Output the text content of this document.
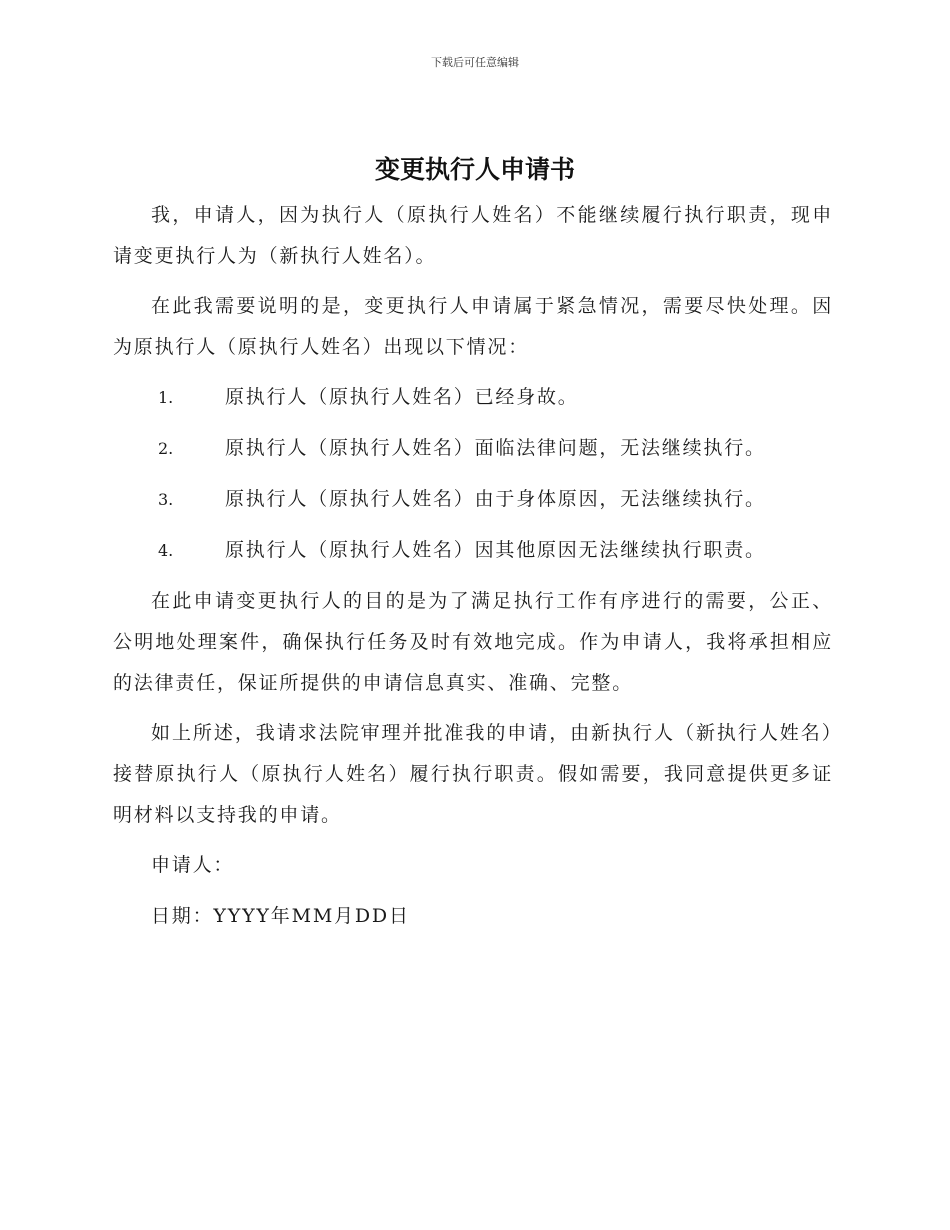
下载后可任意编辑
变更执行人申请书

我，申请人，因为执行人（原执行人姓名）不能继续履行执行职责，现申请变更执行人为（新执行人姓名）。

在此我需要说明的是，变更执行人申请属于紧急情况，需要尽快处理。因为原执行人（原执行人姓名）出现以下情况：

1.	原执行人（原执行人姓名）已经身故。
2.	原执行人（原执行人姓名）面临法律问题，无法继续执行。
3.	原执行人（原执行人姓名）由于身体原因，无法继续执行。
4.	原执行人（原执行人姓名）因其他原因无法继续执行职责。

在此申请变更执行人的目的是为了满足执行工作有序进行的需要，公正、公明地处理案件，确保执行任务及时有效地完成。作为申请人，我将承担相应的法律责任，保证所提供的申请信息真实、准确、完整。

如上所述，我请求法院审理并批准我的申请，由新执行人（新执行人姓名）接替原执行人（原执行人姓名）履行执行职责。假如需要，我同意提供更多证明材料以支持我的申请。

申请人：

日期：YYYY年MM月DD日
